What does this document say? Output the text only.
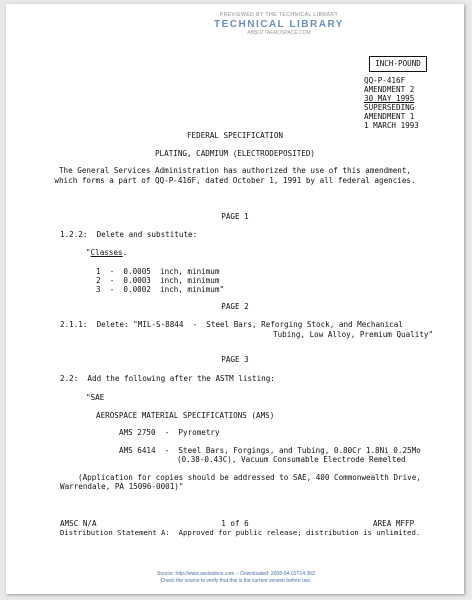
PREVIEWED BY THE TECHNICAL LIBRARY
TECHNICAL LIBRARY
ABBOTTAEROSPACE.COM
INCH-POUND
QQ-P-416F
AMENDMENT 2
30 MAY 1995
SUPERSEDING
AMENDMENT 1
1 MARCH 1993
FEDERAL SPECIFICATION
PLATING, CADMIUM (ELECTRODEPOSITED)
The General Services Administration has authorized the use of this amendment,
which forms a part of QQ-P-416F, dated October 1, 1991 by all federal agencies.
PAGE 1
1.2.2:  Delete and substitute:
"Classes.
1  -  0.0005  inch, minimum
2  -  0.0003  inch, minimum
3  -  0.0002  inch, minimum"
PAGE 2
2.1.1:  Delete: "MIL-S-8844  -  Steel Bars, Reforging Stock, and Mechanical
Tubing, Low Alloy, Premium Quality"
PAGE 3
2.2:  Add the following after the ASTM listing:
"SAE
AEROSPACE MATERIAL SPECIFICATIONS (AMS)
AMS 2750  -  Pyrometry
AMS 6414  -  Steel Bars, Forgings, and Tubing, 0.80Cr 1.8Ni 0.25Mo
(0.38-0.43C), Vacuum Consumable Electrode Remelted
(Application for copies should be addressed to SAE, 400 Commonwealth Drive,
Warrendale, PA 15096-0001)"
AMSC N/A	1 of 6	AREA MFFP
Distribution Statement A:  Approved for public release; distribution is unlimited.
Source: http://www.assistdocs.com -- Downloaded: 2008-04-01T14:36Z
Check the source to verify that this is the current version before use.
